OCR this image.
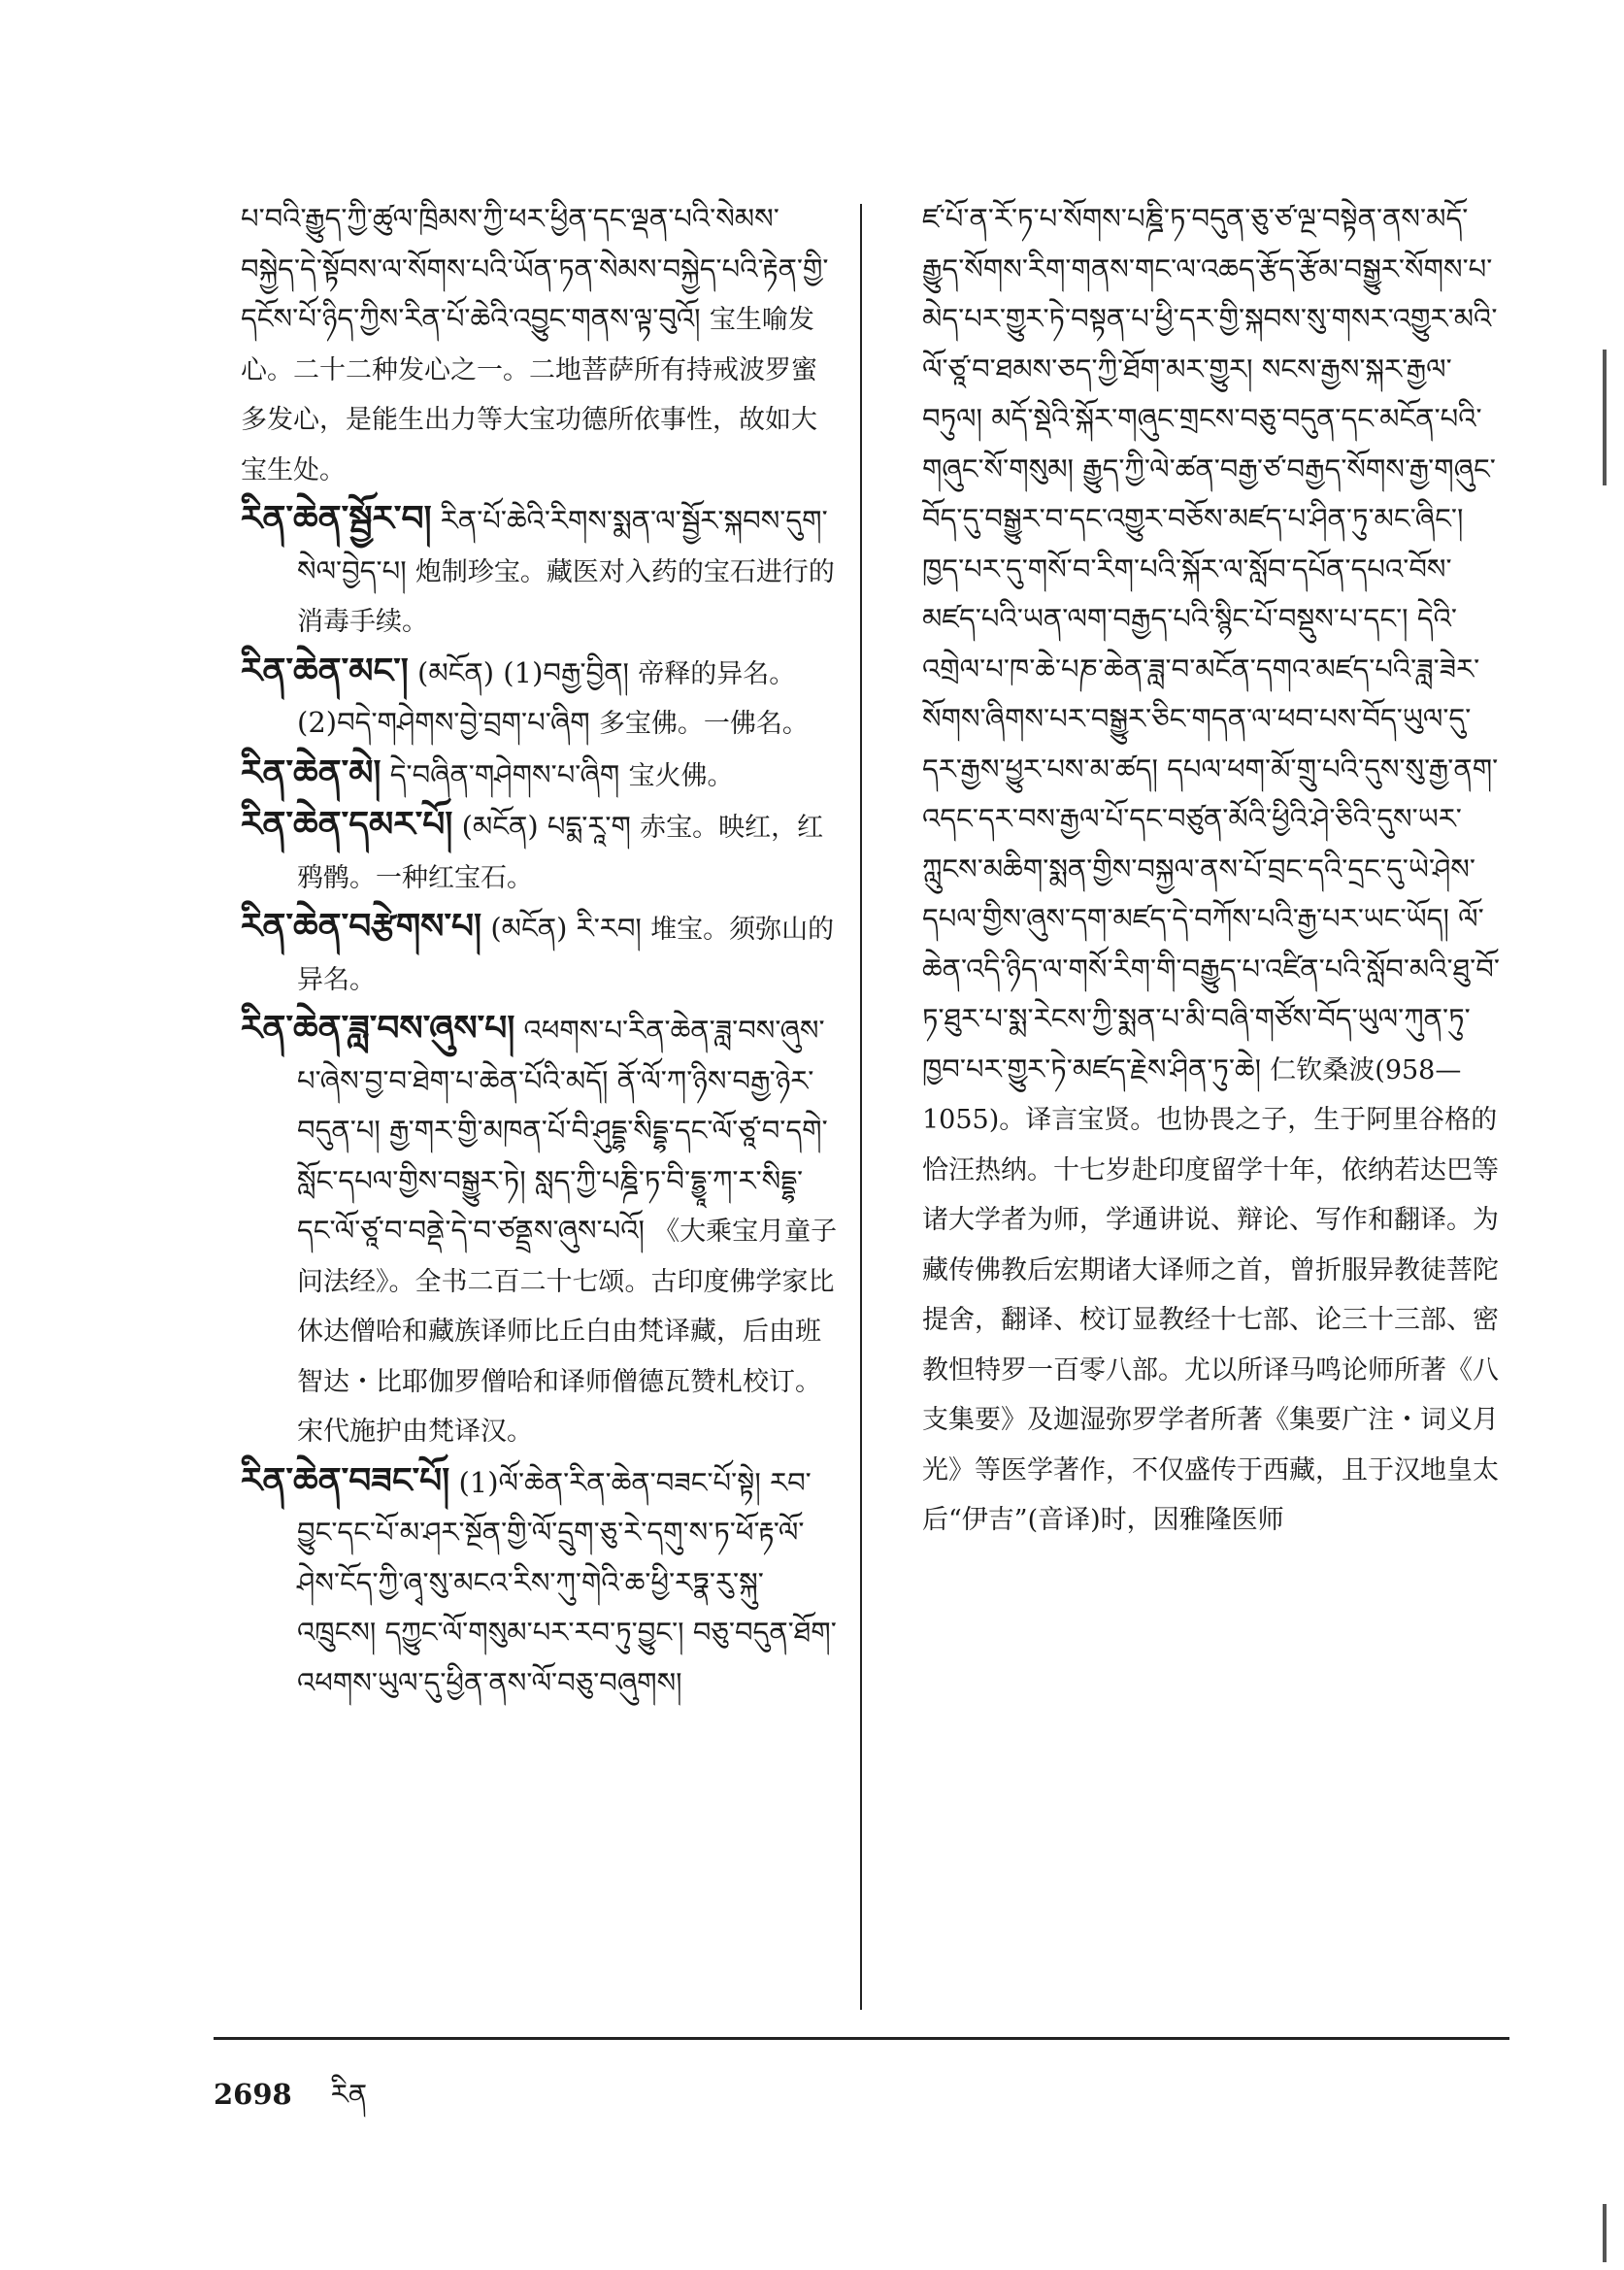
པ་བའི་རྒྱུད་ཀྱི་ཚུལ་ཁྲིམས་ཀྱི་ཕར་ཕྱིན་དང་ལྡན་པའི་སེམས་བསྐྱེད་དེ་སྟོབས་ལ་སོགས་པའི་ཡོན་ཏན་སེམས་བསྐྱེད་པའི་རྟེན་གྱི་དངོས་པོ་ཉིད་ཀྱིས་རིན་པོ་ཆེའི་འབྱུང་གནས་ལྟ་བུའོ། 宝生喻发心。二十二种发心之一。二地菩萨所有持戒波罗蜜多发心，是能生出力等大宝功德所依事性，故如大宝生处。

རིན་ཆེན་སྦྱོར་བ། རིན་པོ་ཆེའི་རིགས་སྨན་ལ་སྦྱོར་སྐབས་དུག་སེལ་བྱེད་པ། 炮制珍宝。藏医对入药的宝石进行的消毒手续。

རིན་ཆེན་མང་། (མངོན) (1)བརྒྱ་བྱིན། 帝释的异名。 (2)བདེ་གཤེགས་བྱེ་བྲག་པ་ཞིག 多宝佛。一佛名。

རིན་ཆེན་མེ། དེ་བཞིན་གཤེགས་པ་ཞིག 宝火佛。

རིན་ཆེན་དམར་པོ། (མངོན) པདྨ་རཱ་ག 赤宝。映红，红鸦鹘。一种红宝石。

རིན་ཆེན་བརྩེགས་པ། (མངོན) རི་རབ། 堆宝。须弥山的异名。

རིན་ཆེན་ཟླ་བས་ཞུས་པ། འཕགས་པ་རིན་ཆེན་ཟླ་བས་ཞུས་པ་ཞེས་བྱ་བ་ཐེག་པ་ཆེན་པོའི་མདོ། ནོ་ལོ་ཀ་ཉིས་བརྒྱ་ཉེར་བདུན་པ། རྒྱ་གར་གྱི་མཁན་པོ་བི་ཤུདྡྷ་སིདྡྷ་དང་ལོ་ཙཱ་བ་དགེ་སློང་དཔལ་གྱིས་བསྒྱུར་ཏེ། སླད་ཀྱི་པཎྜི་ཏ་བི་དྷྱཱ་ཀ་ར་སིདྡྷ་དང་ལོ་ཙཱ་བ་བནྡེ་དེ་བ་ཙནྡྲས་ཞུས་པའོ། 《大乘宝月童子问法经》。全书二百二十七颂。古印度佛学家比休达僧哈和藏族译师比丘白由梵译藏，后由班智达・比耶伽罗僧哈和译师僧德瓦赞札校订。宋代施护由梵译汉。

རིན་ཆེན་བཟང་པོ། (1)ལོ་ཆེན་རིན་ཆེན་བཟང་པོ་སྟེ། རབ་བྱུང་དང་པོ་མ་ཤར་སྔོན་གྱི་ལོ་དྲུག་ཅུ་རེ་དགུ་ས་ཏ་ཕོ་རྟ་ལོ་ཤེས་ངོད་ཀྱི་ཞྭ་སུ་མངའ་རིས་ཀུ་གེའི་ཆ་ཕྱི་རཏྣ་རུ་སྐུ་འཁྲུངས། དཀྱུང་ལོ་གསུམ་པར་རབ་ཏུ་བྱུང་། བཅུ་བདུན་ཐོག་འཕགས་ཡུལ་དུ་ཕྱིན་ནས་ལོ་བཅུ་བཞུགས།

ཛ་པོ་ན་རོ་ཏ་པ་སོགས་པཎྜི་ཏ་བདུན་ཅུ་ཙ་ལྔ་བསྟེན་ནས་མདོ་རྒྱུད་སོགས་རིག་གནས་གང་ལ་འཆད་རྩོད་རྩོམ་བསྒྱུར་སོགས་པ་མེད་པར་གྱུར་ཏེ་བསྟན་པ་ཕྱི་དར་གྱི་སྐབས་སུ་གསར་འགྱུར་མའི་ལོ་ཙཱ་བ་ཐམས་ཅད་ཀྱི་ཐོག་མར་གྱུར། སངས་རྒྱས་སྐར་རྒྱལ་བཏུལ། མདོ་སྡེའི་སྐོར་གཞུང་གྲངས་བཅུ་བདུན་དང་མངོན་པའི་གཞུང་སོ་གསུམ། རྒྱུད་ཀྱི་ལེ་ཚན་བརྒྱ་ཙ་བརྒྱད་སོགས་རྒྱ་གཞུང་བོད་དུ་བསྒྱུར་བ་དང་འགྱུར་བཅོས་མཛད་པ་ཤིན་ཏུ་མང་ཞིང་། ཁྱད་པར་དུ་གསོ་བ་རིག་པའི་སྐོར་ལ་སློབ་དཔོན་དཔའ་བོས་མཛད་པའི་ཡན་ལག་བརྒྱད་པའི་སྙིང་པོ་བསྡུས་པ་དང་། དེའི་འགྲེལ་པ་ཁ་ཆེ་པཎ་ཆེན་ཟླ་བ་མངོན་དགའ་མཛད་པའི་ཟླ་ཟེར་སོགས་ཞིགས་པར་བསྒྱུར་ཅིང་གདན་ལ་ཕབ་པས་བོད་ཡུལ་དུ་དར་རྒྱས་ཕྱུར་པས་མ་ཚད། དཔལ་ཕག་མོ་གྲུ་པའི་དུས་སུ་རྒྱ་ནག་འདང་དར་བས་རྒྱལ་པོ་དང་བཙུན་མོའི་ཕྱིའི་ཤེ་ཅིའི་དུས་ཡར་ཀླུངས་མཆིག་སྨན་གྱིས་བསྐྱལ་ནས་པོ་བྲང་དའི་དྲང་དུ་ཡེ་ཤེས་དཔལ་གྱིས་ཞུས་དག་མཛད་དེ་བཀོས་པའི་རྒྱ་པར་ཡང་ཡོད། ལོ་ཆེན་འདི་ཉིད་ལ་གསོ་རིག་གི་བརྒྱུད་པ་འཛིན་པའི་སློབ་མའི་ཐུ་བོ་ཏ་ཐུར་པ་སྨ་རེངས་ཀྱི་སྨན་པ་མི་བཞི་གཙོས་བོད་ཡུལ་ཀུན་ཏུ་ཁྱབ་པར་གྱུར་ཏེ་མཛད་རྗེས་ཤིན་ཏུ་ཆེ། 仁钦桑波(958—1055)。译言宝贤。也协畏之子，生于阿里谷格的恰汪热纳。十七岁赴印度留学十年，依纳若达巴等诸大学者为师，学通讲说、辩论、写作和翻译。为藏传佛教后宏期诸大译师之首，曾折服异教徒菩陀提舍，翻译、校订显教经十七部、论三十三部、密教怛特罗一百零八部。尤以所译马鸣论师所著《八支集要》及迦湿弥罗学者所著《集要广注・词义月光》等医学著作，不仅盛传于西藏，且于汉地皇太后“伊吉”(音译)时，因雅隆医师

2698 རིན
